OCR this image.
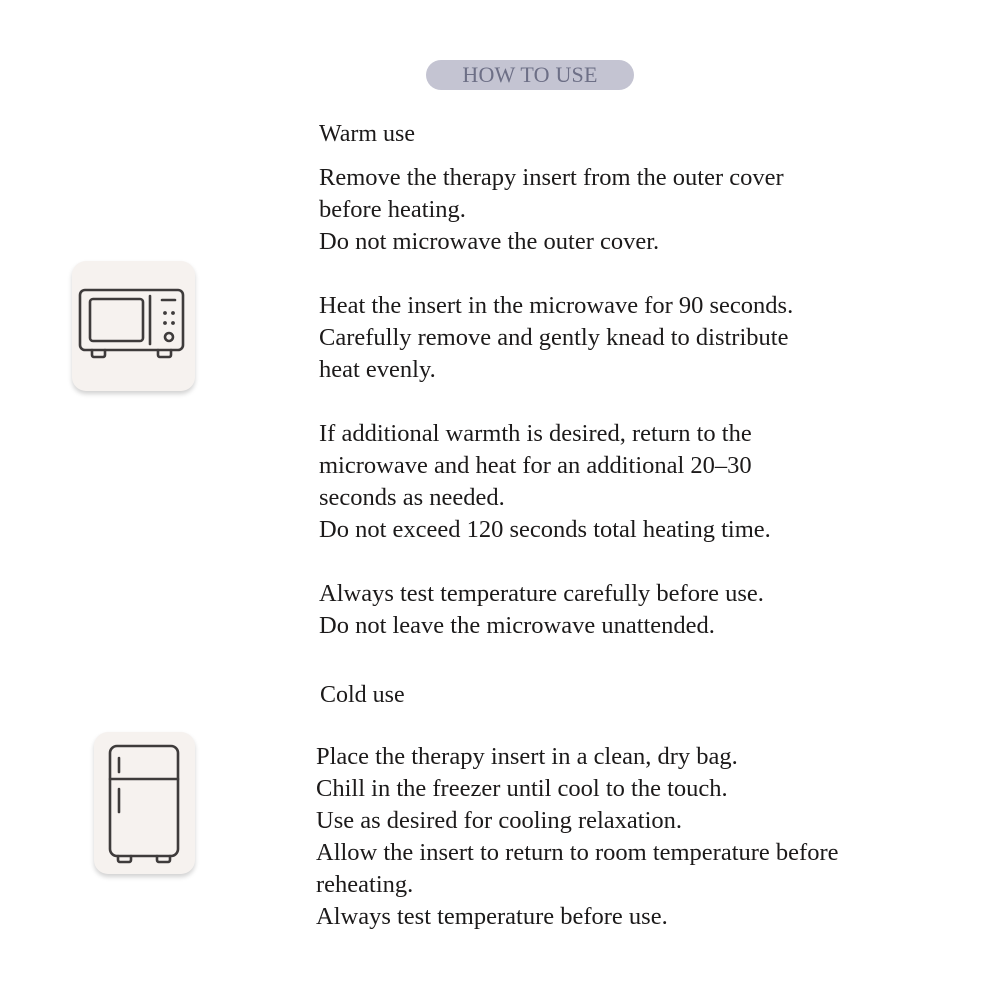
HOW TO USE
Warm use
Remove the therapy insert from the outer cover
before heating.
Do not microwave the outer cover.
Heat the insert in the microwave for 90 seconds.
Carefully remove and gently knead to distribute
heat evenly.
If additional warmth is desired, return to the
microwave and heat for an additional 20–30
seconds as needed.
Do not exceed 120 seconds total heating time.
Always test temperature carefully before use.
Do not leave the microwave unattended.
Cold use
Place the therapy insert in a clean, dry bag.
Chill in the freezer until cool to the touch.
Use as desired for cooling relaxation.
Allow the insert to return to room temperature before
reheating.
Always test temperature before use.
